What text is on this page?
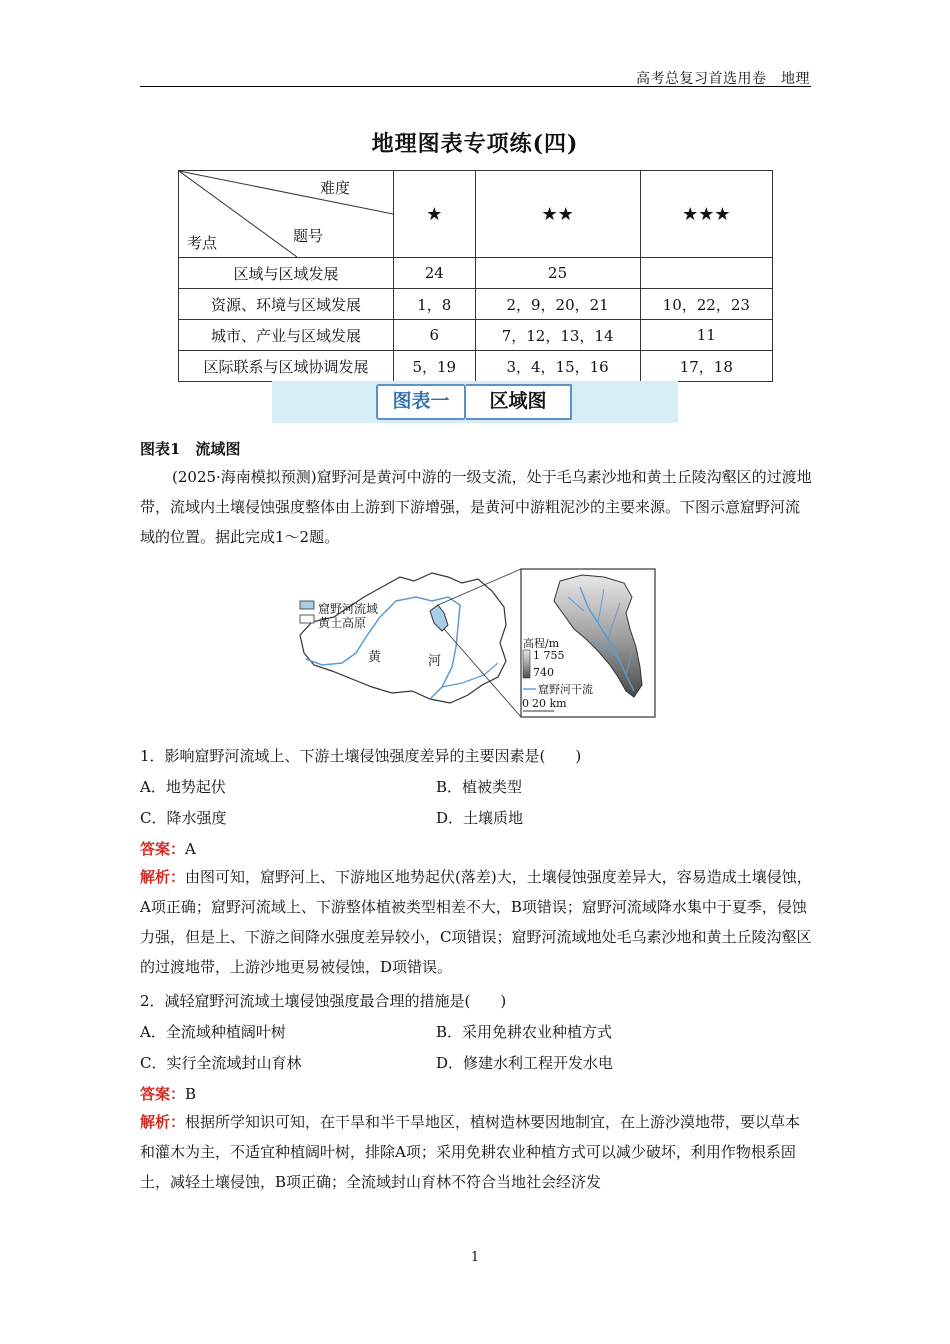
高考总复习首选用卷　地理
地理图表专项练(四)
难度
题号
考点	★	★★	★★★
区域与区域发展	24	25	
资源、环境与区域发展	1，8	2，9，20，21	10，22，23
城市、产业与区域发展	6	7，12，13，14	11
区际联系与区域协调发展	5，19	3，4，15，16	17，18
图表一	区域图
图表1　流域图
(2025·海南模拟预测)窟野河是黄河中游的一级支流，处于毛乌素沙地和黄土丘陵沟壑区的过渡地带，流域内土壤侵蚀强度整体由上游到下游增强，是黄河中游粗泥沙的主要来源。下图示意窟野河流域的位置。据此完成1～2题。
窟野河流域
黄土高原
黄	河
高程/m
1 755
740
窟野河干流
0 20 km
1．影响窟野河流域上、下游土壤侵蚀强度差异的主要因素是(　　)
A．地势起伏	B．植被类型
C．降水强度	D．土壤质地
答案：A
解析：由图可知，窟野河上、下游地区地势起伏(落差)大，土壤侵蚀强度差异大，容易造成土壤侵蚀，A项正确；窟野河流域上、下游整体植被类型相差不大，B项错误；窟野河流域降水集中于夏季，侵蚀力强，但是上、下游之间降水强度差异较小，C项错误；窟野河流域地处毛乌素沙地和黄土丘陵沟壑区的过渡地带，上游沙地更易被侵蚀，D项错误。
2．减轻窟野河流域土壤侵蚀强度最合理的措施是(　　)
A．全流域种植阔叶树	B．采用免耕农业种植方式
C．实行全流域封山育林	D．修建水利工程开发水电
答案：B
解析：根据所学知识可知，在干旱和半干旱地区，植树造林要因地制宜，在上游沙漠地带，要以草本和灌木为主，不适宜种植阔叶树，排除A项；采用免耕农业种植方式可以减少破坏，利用作物根系固土，减轻土壤侵蚀，B项正确；全流域封山育林不符合当地社会经济发
1
